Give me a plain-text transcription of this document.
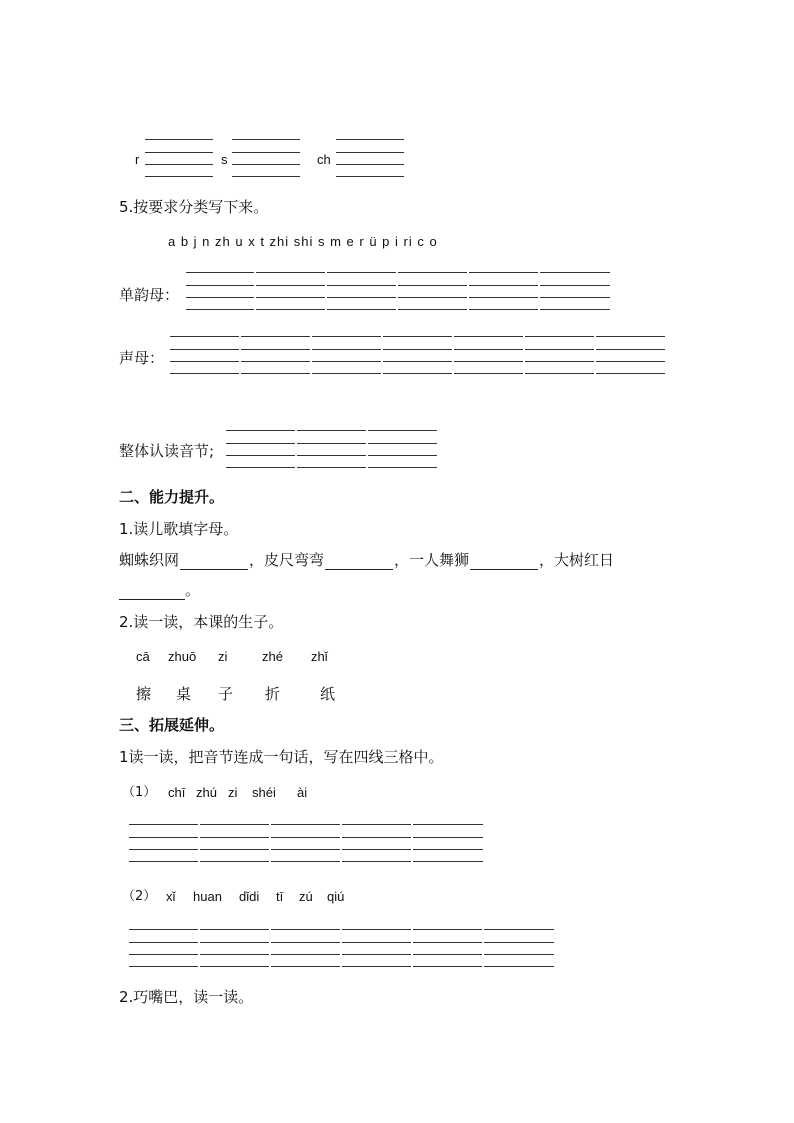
r	s	ch
5.按要求分类写下来。
a b j n zh u x t zhi shi s m e r ü p i ri c o
单韵母：
声母：
整体认读音节;
二、能力提升。
1.读儿歌填字母。
蜘蛛织网	，皮尺弯弯	，一人舞狮	，大树红日
。
2.读一读，本课的生子。
cā zhuō zi	zhé zhǐ
擦 桌 子 折	纸
三、拓展延伸。
1读一读，把音节连成一句话，写在四线三格中。
（1） chī zhú zi shéi ài
（2） xǐ huan dǐdi tī zú qiú
2.巧嘴巴，读一读。
